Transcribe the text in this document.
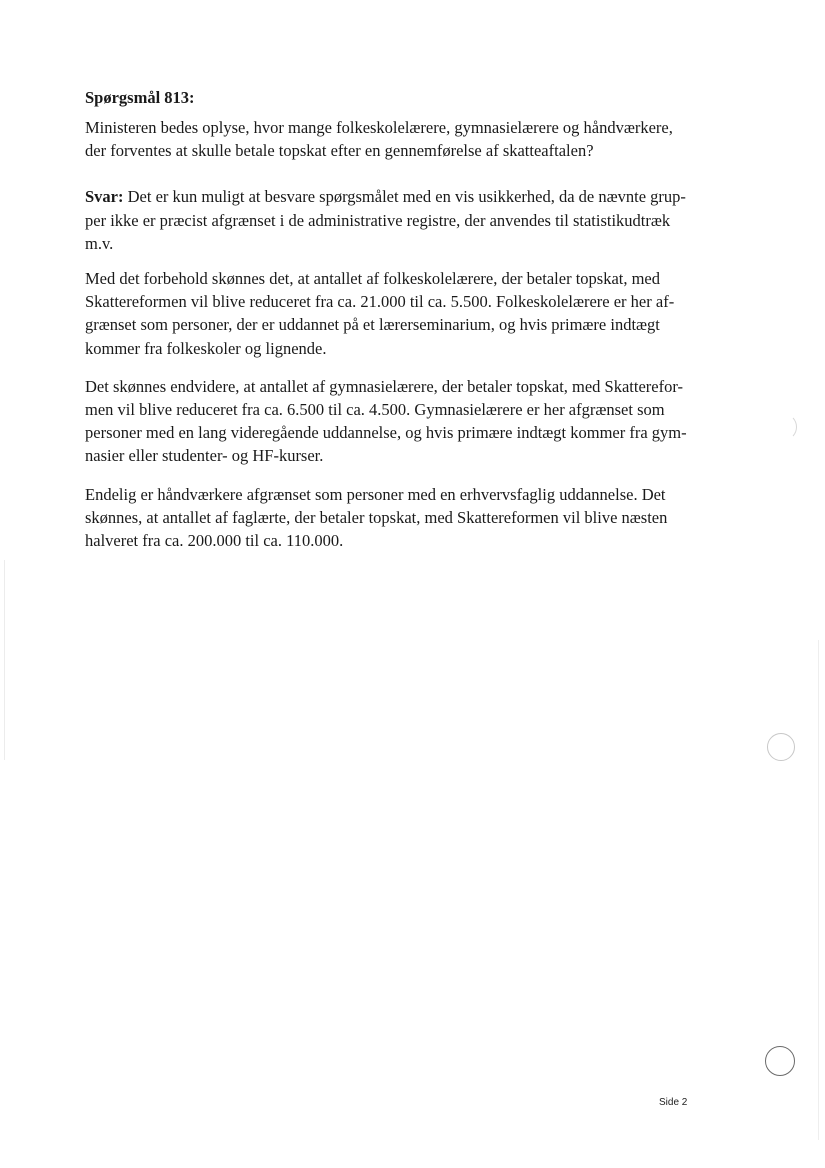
Spørgsmål 813:
Ministeren bedes oplyse, hvor mange folkeskolelærere, gymnasielærere og håndværkere,
der forventes at skulle betale topskat efter en gennemførelse af skatteaftalen?
Svar: Det er kun muligt at besvare spørgsmålet med en vis usikkerhed, da de nævnte grup-
per ikke er præcist afgrænset i de administrative registre, der anvendes til statistikudtræk
m.v.
Med det forbehold skønnes det, at antallet af folkeskolelærere, der betaler topskat, med
Skattereformen vil blive reduceret fra ca. 21.000 til ca. 5.500. Folkeskolelærere er her af-
grænset som personer, der er uddannet på et lærerseminarium, og hvis primære indtægt
kommer fra folkeskoler og lignende.
Det skønnes endvidere, at antallet af gymnasielærere, der betaler topskat, med Skatterefor-
men vil blive reduceret fra ca. 6.500 til ca. 4.500. Gymnasielærere er her afgrænset som
personer med en lang videregående uddannelse, og hvis primære indtægt kommer fra gym-
nasier eller studenter- og HF-kurser.
Endelig er håndværkere afgrænset som personer med en erhvervsfaglig uddannelse. Det
skønnes, at antallet af faglærte, der betaler topskat, med Skattereformen vil blive næsten
halveret fra ca. 200.000 til ca. 110.000.
Side 2
